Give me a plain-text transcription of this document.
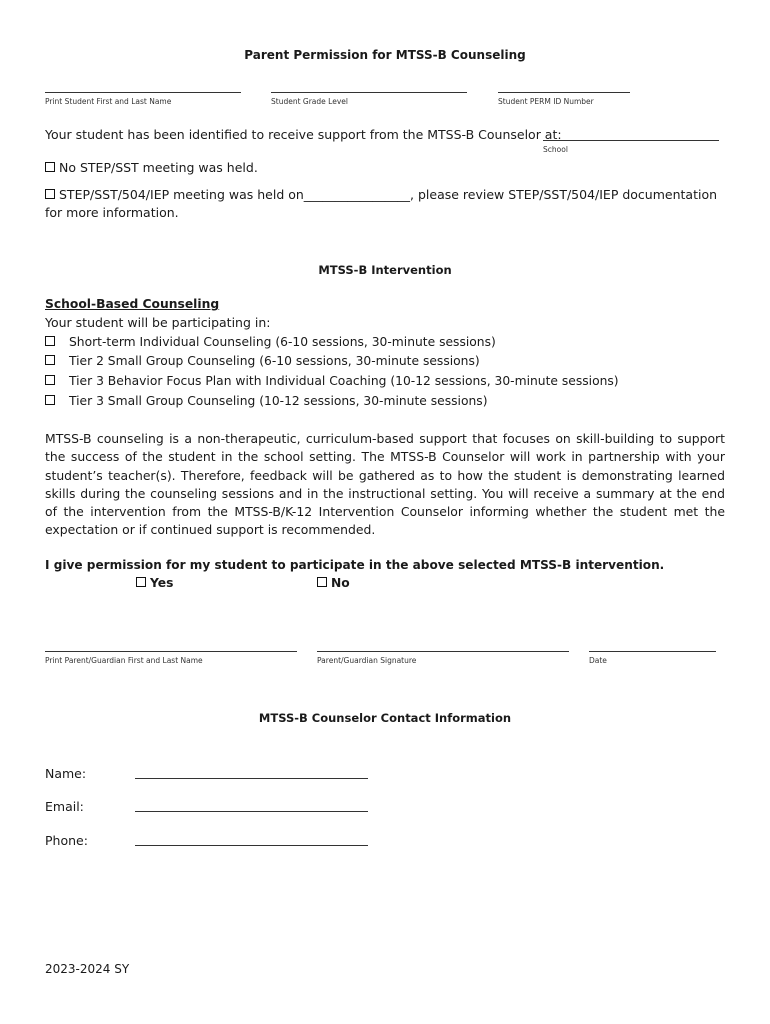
Parent Permission for MTSS-B Counseling
Print Student First and Last Name	Student Grade Level	Student PERM ID Number
Your student has been identified to receive support from the MTSS-B Counselor at:
School
No STEP/SST meeting was held.
STEP/SST/504/IEP meeting was held on_________________, please review STEP/SST/504/IEP documentation for more information.
MTSS-B Intervention
School-Based Counseling
Your student will be participating in:
Short-term Individual Counseling (6-10 sessions, 30-minute sessions)
Tier 2 Small Group Counseling (6-10 sessions, 30-minute sessions)
Tier 3 Behavior Focus Plan with Individual Coaching (10-12 sessions, 30-minute sessions)
Tier 3 Small Group Counseling (10-12 sessions, 30-minute sessions)
MTSS-B counseling is a non-therapeutic, curriculum-based support that focuses on skill-building to support the success of the student in the school setting. The MTSS-B Counselor will work in partnership with your student’s teacher(s). Therefore, feedback will be gathered as to how the student is demonstrating learned skills during the counseling sessions and in the instructional setting. You will receive a summary at the end of the intervention from the MTSS-B/K-12 Intervention Counselor informing whether the student met the expectation or if continued support is recommended.
I give permission for my student to participate in the above selected MTSS-B intervention.
Yes	No
Print Parent/Guardian First and Last Name	Parent/Guardian Signature	Date
MTSS-B Counselor Contact Information
Name:
Email:
Phone:
2023-2024 SY
